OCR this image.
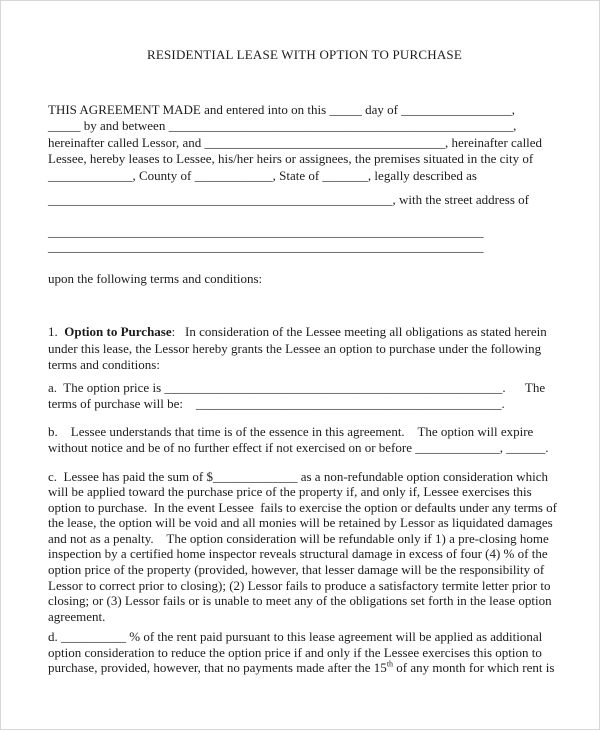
RESIDENTIAL LEASE WITH OPTION TO PURCHASE
THIS AGREEMENT MADE and entered into on this _____ day of _________________,
_____ by and between _____________________________________________________,
hereinafter called Lessor, and _____________________________________, hereinafter called
Lessee, hereby leases to Lessee, his/her heirs or assignees, the premises situated in the city of
_____________, County of ____________, State of _______, legally described as
_____________________________________________________, with the street address of
___________________________________________________________________
___________________________________________________________________
upon the following terms and conditions:
1.  Option to Purchase:   In consideration of the Lessee meeting all obligations as stated herein
under this lease, the Lessor hereby grants the Lessee an option to purchase under the following
terms and conditions:
a.  The option price is ____________________________________________________.      The
terms of purchase will be:    _______________________________________________.
b.    Lessee understands that time is of the essence in this agreement.    The option will expire
without notice and be of no further effect if not exercised on or before _____________, ______.
c.  Lessee has paid the sum of $_____________ as a non-refundable option consideration which
will be applied toward the purchase price of the property if, and only if, Lessee exercises this
option to purchase.  In the event Lessee  fails to exercise the option or defaults under any terms of
the lease, the option will be void and all monies will be retained by Lessor as liquidated damages
and not as a penalty.    The option consideration will be refundable only if 1) a pre-closing home
inspection by a certified home inspector reveals structural damage in excess of four (4) % of the
option price of the property (provided, however, that lesser damage will be the responsibility of
Lessor to correct prior to closing); (2) Lessor fails to produce a satisfactory termite letter prior to
closing; or (3) Lessor fails or is unable to meet any of the obligations set forth in the lease option
agreement.
d. __________ % of the rent paid pursuant to this lease agreement will be applied as additional
option consideration to reduce the option price if and only if the Lessee exercises this option to
purchase, provided, however, that no payments made after the 15th of any month for which rent is
